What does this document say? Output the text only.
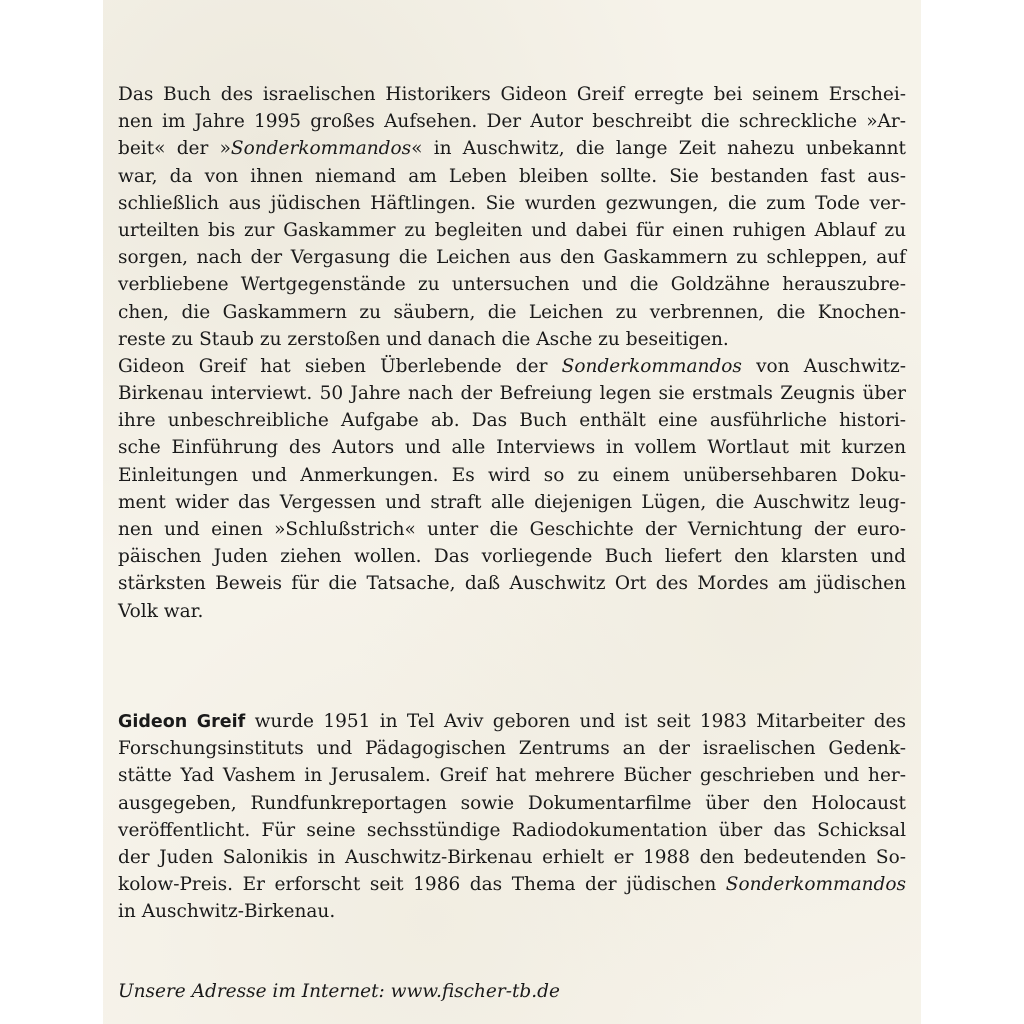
Das Buch des israelischen Historikers Gideon Greif erregte bei seinem Erschei-
nen im Jahre 1995 großes Aufsehen. Der Autor beschreibt die schreckliche »Ar-
beit« der »Sonderkommandos« in Auschwitz, die lange Zeit nahezu unbekannt
war, da von ihnen niemand am Leben bleiben sollte. Sie bestanden fast aus-
schließlich aus jüdischen Häftlingen. Sie wurden gezwungen, die zum Tode ver-
urteilten bis zur Gaskammer zu begleiten und dabei für einen ruhigen Ablauf zu
sorgen, nach der Vergasung die Leichen aus den Gaskammern zu schleppen, auf
verbliebene Wertgegenstände zu untersuchen und die Goldzähne herauszubre-
chen, die Gaskammern zu säubern, die Leichen zu verbrennen, die Knochen-
reste zu Staub zu zerstoßen und danach die Asche zu beseitigen.
Gideon Greif hat sieben Überlebende der Sonderkommandos von Auschwitz-
Birkenau interviewt. 50 Jahre nach der Befreiung legen sie erstmals Zeugnis über
ihre unbeschreibliche Aufgabe ab. Das Buch enthält eine ausführliche histori-
sche Einführung des Autors und alle Interviews in vollem Wortlaut mit kurzen
Einleitungen und Anmerkungen. Es wird so zu einem unübersehbaren Doku-
ment wider das Vergessen und straft alle diejenigen Lügen, die Auschwitz leug-
nen und einen »Schlußstrich« unter die Geschichte der Vernichtung der euro-
päischen Juden ziehen wollen. Das vorliegende Buch liefert den klarsten und
stärksten Beweis für die Tatsache, daß Auschwitz Ort des Mordes am jüdischen
Volk war.
Gideon Greif wurde 1951 in Tel Aviv geboren und ist seit 1983 Mitarbeiter des
Forschungsinstituts und Pädagogischen Zentrums an der israelischen Gedenk-
stätte Yad Vashem in Jerusalem. Greif hat mehrere Bücher geschrieben und her-
ausgegeben, Rundfunkreportagen sowie Dokumentarfilme über den Holocaust
veröffentlicht. Für seine sechsstündige Radiodokumentation über das Schicksal
der Juden Salonikis in Auschwitz-Birkenau erhielt er 1988 den bedeutenden So-
kolow-Preis. Er erforscht seit 1986 das Thema der jüdischen Sonderkommandos
in Auschwitz-Birkenau.
Unsere Adresse im Internet: www.fischer-tb.de
